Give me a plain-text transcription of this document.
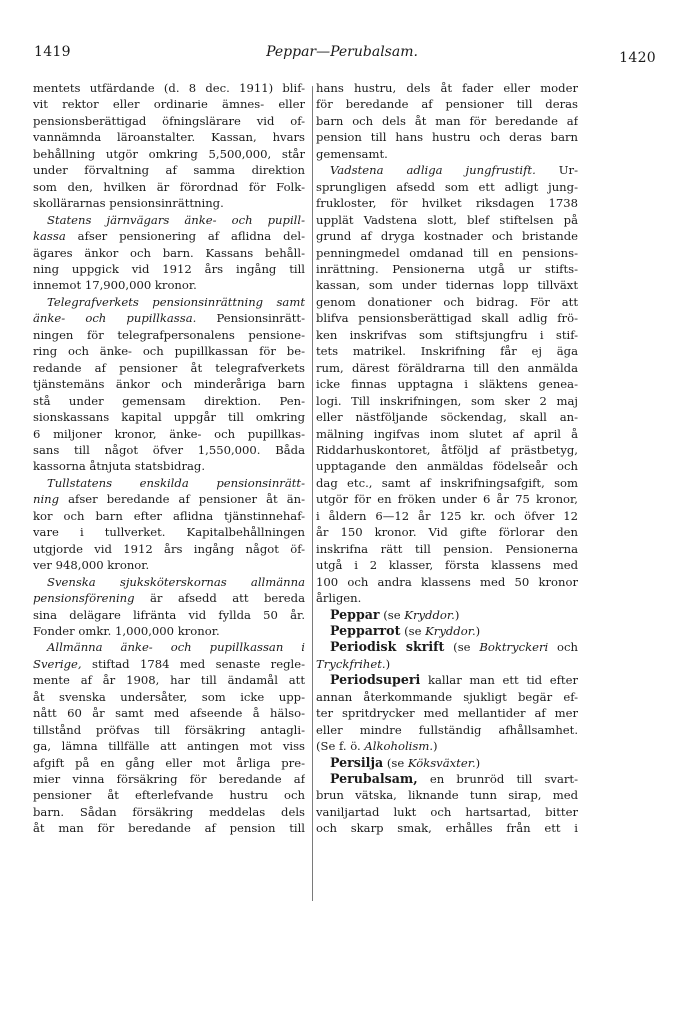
1419	Peppar—Perubalsam.	1420
mentets utfärdande (d. 8 dec. 1911) blif-
vit rektor eller ordinarie ämnes- eller
pensionsberättigad öfningslärare vid of-
vannämnda läroanstalter. Kassan, hvars
behållning utgör omkring 5,500,000, står
under förvaltning af samma direktion
som den, hvilken är förordnad för Folk-
skollärarnas pensionsinrättning.
Statens järnvägars änke- och pupill-
kassa afser pensionering af aflidna del-
ägares änkor och barn. Kassans behåll-
ning uppgick vid 1912 års ingång till
innemot 17,900,000 kronor.
Telegrafverkets pensionsinrättning samt
änke- och pupillkassa. Pensionsinrätt-
ningen för telegrafpersonalens pensione-
ring och änke- och pupillkassan för be-
redande af pensioner åt telegrafverkets
tjänstemäns änkor och minderåriga barn
stå under gemensam direktion. Pen-
sionskassans kapital uppgår till omkring
6 miljoner kronor, änke- och pupillkas-
sans till något öfver 1,550,000. Båda
kassorna åtnjuta statsbidrag.
Tullstatens enskilda pensionsinrätt-
ning afser beredande af pensioner åt än-
kor och barn efter aflidna tjänstinnehaf-
vare i tullverket. Kapitalbehållningen
utgjorde vid 1912 års ingång något öf-
ver 948,000 kronor.
Svenska sjuksköterskornas allmänna
pensionsförening är afsedd att bereda
sina delägare lifränta vid fyllda 50 år.
Fonder omkr. 1,000,000 kronor.
Allmänna änke- och pupillkassan i
Sverige, stiftad 1784 med senaste regle-
mente af år 1908, har till ändamål att
åt svenska undersåter, som icke upp-
nått 60 år samt med afseende å hälso-
tillstånd pröfvas till försäkring antagli-
ga, lämna tillfälle att antingen mot viss
afgift på en gång eller mot årliga pre-
mier vinna försäkring för beredande af
pensioner åt efterlefvande hustru och
barn. Sådan försäkring meddelas dels
åt man för beredande af pension till
hans hustru, dels åt fader eller moder
för beredande af pensioner till deras
barn och dels åt man för beredande af
pension till hans hustru och deras barn
gemensamt.
Vadstena adliga jungfrustift. Ur-
sprungligen afsedd som ett adligt jung-
frukloster, för hvilket riksdagen 1738
upplät Vadstena slott, blef stiftelsen på
grund af dryga kostnader och bristande
penningmedel omdanad till en pensions-
inrättning. Pensionerna utgå ur stifts-
kassan, som under tidernas lopp tillväxt
genom donationer och bidrag. För att
blifva pensionsberättigad skall adlig frö-
ken inskrifvas som stiftsjungfru i stif-
tets matrikel. Inskrifning får ej äga
rum, därest föräldrarna till den anmälda
icke finnas upptagna i släktens genea-
logi. Till inskrifningen, som sker 2 maj
eller nästföljande söckendag, skall an-
mälning ingifvas inom slutet af april å
Riddarhuskontoret, åtföljd af prästbetyg,
upptagande den anmäldas födelseår och
dag etc., samt af inskrifningsafgift, som
utgör för en fröken under 6 år 75 kronor,
i åldern 6—12 år 125 kr. och öfver 12
år 150 kronor. Vid gifte förlorar den
inskrifna rätt till pension. Pensionerna
utgå i 2 klasser, första klassens med
100 och andra klassens med 50 kronor
årligen.
Peppar (se Kryddor.)
Pepparrot (se Kryddor.)
Periodisk skrift (se Boktryckeri och
Tryckfrihet.)
Periodsuperi kallar man ett tid efter
annan återkommande sjukligt begär ef-
ter spritdrycker med mellantider af mer
eller mindre fullständig afhållsamhet.
(Se f. ö. Alkoholism.)
Persilja (se Köksväxter.)
Perubalsam, en brunröd till svart-
brun vätska, liknande tunn sirap, med
vaniljartad lukt och hartsartad, bitter
och skarp smak, erhålles från ett i
